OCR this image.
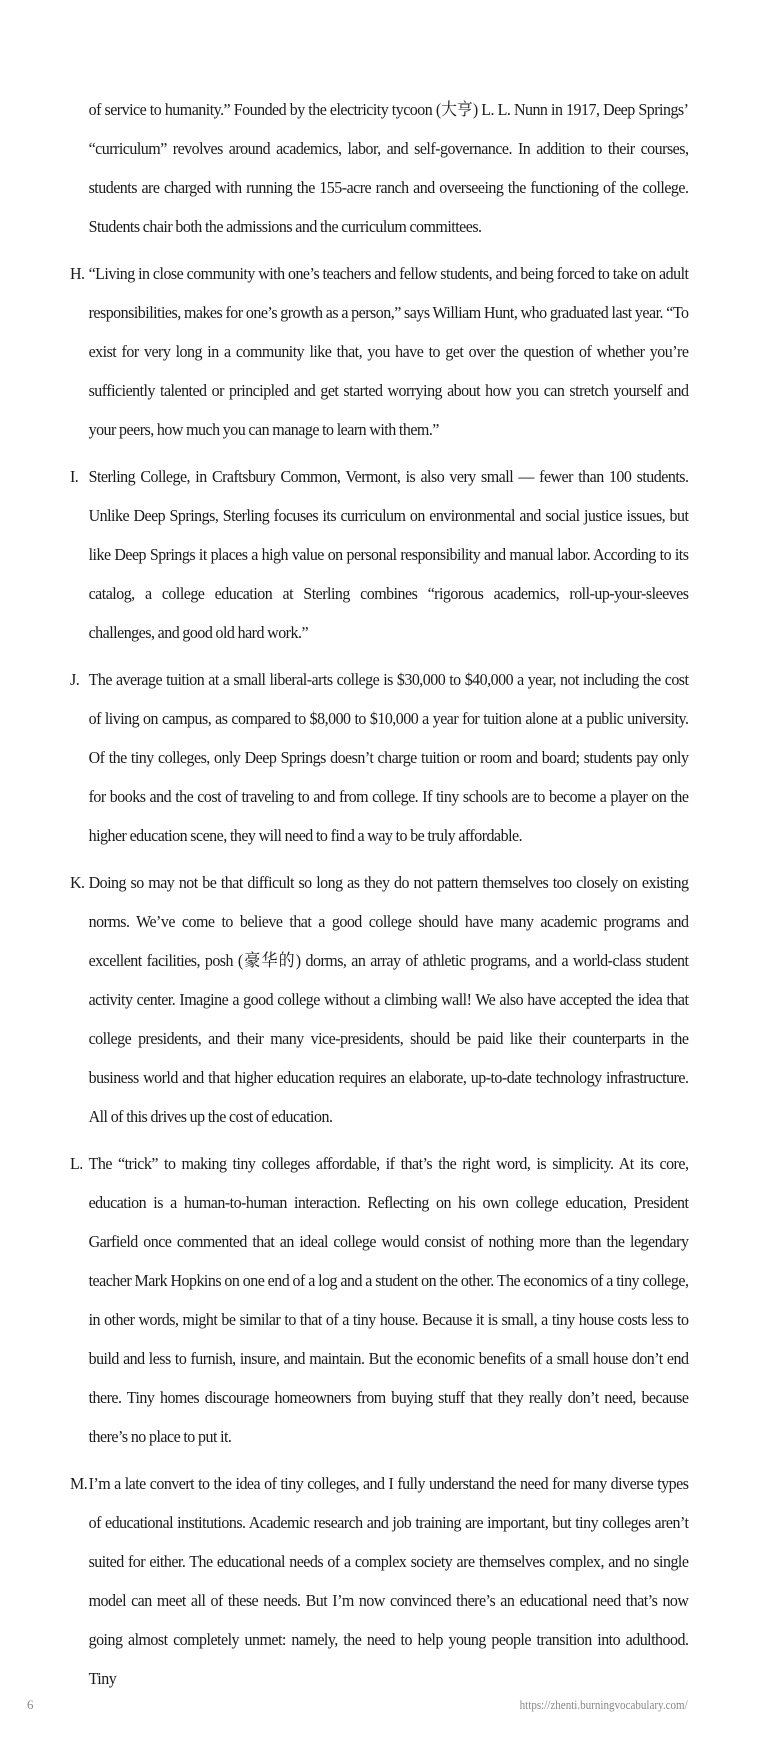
of service to humanity.” Founded by the electricity tycoon (大亨) L. L. Nunn in 1917, Deep Springs’ “curriculum” revolves around academics, labor, and self-governance. In addition to their courses, students are charged with running the 155-acre ranch and overseeing the functioning of the college. Students chair both the admissions and the curriculum committees.

H. “Living in close community with one’s teachers and fellow students, and being forced to take on adult responsibilities, makes for one’s growth as a person,” says William Hunt, who graduated last year. “To exist for very long in a community like that, you have to get over the question of whether you’re sufficiently talented or principled and get started worrying about how you can stretch yourself and your peers, how much you can manage to learn with them.”

I. Sterling College, in Craftsbury Common, Vermont, is also very small — fewer than 100 students. Unlike Deep Springs, Sterling focuses its curriculum on environmental and social justice issues, but like Deep Springs it places a high value on personal responsibility and manual labor. According to its catalog, a college education at Sterling combines “rigorous academics, roll-up-your-sleeves challenges, and good old hard work.”

J. The average tuition at a small liberal-arts college is $30,000 to $40,000 a year, not including the cost of living on campus, as compared to $8,000 to $10,000 a year for tuition alone at a public university. Of the tiny colleges, only Deep Springs doesn’t charge tuition or room and board; students pay only for books and the cost of traveling to and from college. If tiny schools are to become a player on the higher education scene, they will need to find a way to be truly affordable.

K. Doing so may not be that difficult so long as they do not pattern themselves too closely on existing norms. We’ve come to believe that a good college should have many academic programs and excellent facilities, posh (豪华的) dorms, an array of athletic programs, and a world-class student activity center. Imagine a good college without a climbing wall! We also have accepted the idea that college presidents, and their many vice-presidents, should be paid like their counterparts in the business world and that higher education requires an elaborate, up-to-date technology infrastructure. All of this drives up the cost of education.

L. The “trick” to making tiny colleges affordable, if that’s the right word, is simplicity. At its core, education is a human-to-human interaction. Reflecting on his own college education, President Garfield once commented that an ideal college would consist of nothing more than the legendary teacher Mark Hopkins on one end of a log and a student on the other. The economics of a tiny college, in other words, might be similar to that of a tiny house. Because it is small, a tiny house costs less to build and less to furnish, insure, and maintain. But the economic benefits of a small house don’t end there. Tiny homes discourage homeowners from buying stuff that they really don’t need, because there’s no place to put it.

M. I’m a late convert to the idea of tiny colleges, and I fully understand the need for many diverse types of educational institutions. Academic research and job training are important, but tiny colleges aren’t suited for either. The educational needs of a complex society are themselves complex, and no single model can meet all of these needs. But I’m now convinced there’s an educational need that’s now going almost completely unmet: namely, the need to help young people transition into adulthood. Tiny

6	https://zhenti.burningvocabulary.com/
